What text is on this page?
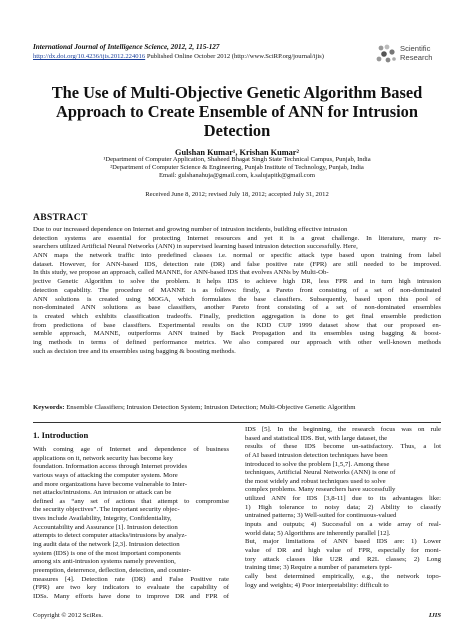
International Journal of Intelligence Science, 2012, 2, 115-127
http://dx.doi.org/10.4236/ijis.2012.224016 Published Online October 2012 (http://www.SciRP.org/journal/ijis)
Scientific
Research
The Use of Multi-Objective Genetic Algorithm Based
Approach to Create Ensemble of ANN for Intrusion
Detection
Gulshan Kumar¹, Krishan Kumar²
¹Department of Computer Application, Shaheed Bhagat Singh State Technical Campus, Punjab, India
²Department of Computer Science & Engineering, Punjab Institute of Technology, Punjab, India
Email: gulshanahuja@gmail.com, k.salujapitk@gmail.com
Received June 8, 2012; revised July 18, 2012; accepted July 31, 2012
ABSTRACT
Due to our increased dependence on Internet and growing number of intrusion incidents, building effective intrusion
detection systems are essential for protecting Internet resources and yet it is a great challenge. In literature, many re-
searchers utilized Artificial Neural Networks (ANN) in supervised learning based intrusion detection successfully. Here,
ANN maps the network traffic into predefined classes i.e. normal or specific attack type based upon training from label
dataset. However, for ANN-based IDS, detection rate (DR) and false positive rate (FPR) are still needed to be improved.
In this study, we propose an approach, called MANNE, for ANN-based IDS that evolves ANNs by Multi-Ob-
jective Genetic Algorithm to solve the problem. It helps IDS to achieve high DR, less FPR and in turn high intrusion
detection capability. The procedure of MANNE is as follows: firstly, a Pareto front consisting of a set of non-dominated
ANN solutions is created using MOGA, which formulates the base classifiers. Subsequently, based upon this pool of
non-dominated ANN solutions as base classifiers, another Pareto front consisting of a set of non-dominated ensembles
is created which exhibits classification tradeoffs. Finally, prediction aggregation is done to get final ensemble prediction
from predictions of base classifiers. Experimental results on the KDD CUP 1999 dataset show that our proposed en-
semble approach, MANNE, outperforms ANN trained by Back Propagation and its ensembles using bagging & boost-
ing methods in terms of defined performance metrics. We also compared our approach with other well-known methods
such as decision tree and its ensembles using bagging & boosting methods.
Keywords: Ensemble Classifiers; Intrusion Detection System; Intrusion Detection; Multi-Objective Genetic Algorithm
1. Introduction
With coming age of Internet and dependence of business
applications on it, network security has become key
foundation. Information access through Internet provides
various ways of attacking the computer system. More
and more organizations have become vulnerable to Inter-
net attacks/intrusions. An intrusion or attack can be
defined as “any set of actions that attempt to compromise
the security objectives”. The important security objec-
tives include Availability, Integrity, Confidentiality,
Accountability and Assurance [1]. Intrusion detection
attempts to detect computer attacks/intrusions by analyz-
ing audit data of the network [2,3]. Intrusion detection
system (IDS) is one of the most important components
among six anti-intrusion systems namely prevention,
preemption, deterrence, deflection, detection, and counter-
measures [4]. Detection rate (DR) and False Positive rate
(FPR) are two key indicators to evaluate the capability of
IDSs. Many efforts have done to improve DR and FPR of
IDS [5]. In the beginning, the research focus was on rule
based and statistical IDS. But, with large dataset, the
results of these IDS become un-satisfactory. Thus, a lot
of AI based intrusion detection techniques have been
introduced to solve the problem [1,5,7]. Among these
techniques, Artificial Neural Networks (ANN) is one of
the most widely and robust techniques used to solve
complex problems. Many researchers have successfully
utilized ANN for IDS [3,8-11] due to its advantages like:
1) High tolerance to noisy data; 2) Ability to classify
untrained patterns; 3) Well-suited for continuous-valued
inputs and outputs; 4) Successful on a wide array of real-
world data; 5) Algorithms are inherently parallel [12].
But, major limitations of ANN based IDS are: 1) Lower
value of DR and high value of FPR, especially for moni-
tory attack classes like U2R and R2L classes; 2) Long
training time; 3) Require a number of parameters typi-
cally best determined empirically, e.g., the network topo-
logy and weights; 4) Poor interpretability: difficult to
Copyright © 2012 SciRes.	IJIS
